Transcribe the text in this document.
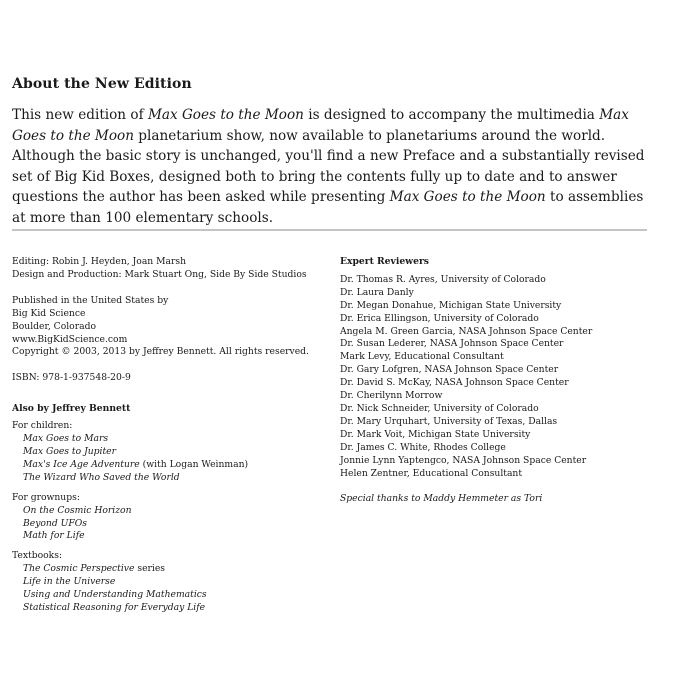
About the New Edition

This new edition of Max Goes to the Moon is designed to accompany the multimedia Max Goes to the Moon planetarium show, now available to planetariums around the world. Although the basic story is unchanged, you'll find a new Preface and a substantially revised set of Big Kid Boxes, designed both to bring the contents fully up to date and to answer questions the author has been asked while presenting Max Goes to the Moon to assemblies at more than 100 elementary schools.

Editing: Robin J. Heyden, Joan Marsh
Design and Production: Mark Stuart Ong, Side By Side Studios
Published in the United States by
Big Kid Science
Boulder, Colorado
www.BigKidScience.com
Copyright © 2003, 2013 by Jeffrey Bennett. All rights reserved.
ISBN: 978-1-937548-20-9
Also by Jeffrey Bennett
For children:
Max Goes to Mars
Max Goes to Jupiter
Max's Ice Age Adventure (with Logan Weinman)
The Wizard Who Saved the World
For grownups:
On the Cosmic Horizon
Beyond UFOs
Math for Life
Textbooks:
The Cosmic Perspective series
Life in the Universe
Using and Understanding Mathematics
Statistical Reasoning for Everyday Life
Expert Reviewers
Dr. Thomas R. Ayres, University of Colorado
Dr. Laura Danly
Dr. Megan Donahue, Michigan State University
Dr. Erica Ellingson, University of Colorado
Angela M. Green Garcia, NASA Johnson Space Center
Dr. Susan Lederer, NASA Johnson Space Center
Mark Levy, Educational Consultant
Dr. Gary Lofgren, NASA Johnson Space Center
Dr. David S. McKay, NASA Johnson Space Center
Dr. Cherilynn Morrow
Dr. Nick Schneider, University of Colorado
Dr. Mary Urquhart, University of Texas, Dallas
Dr. Mark Voit, Michigan State University
Dr. James C. White, Rhodes College
Jonnie Lynn Yaptengco, NASA Johnson Space Center
Helen Zentner, Educational Consultant
Special thanks to Maddy Hemmeter as Tori
